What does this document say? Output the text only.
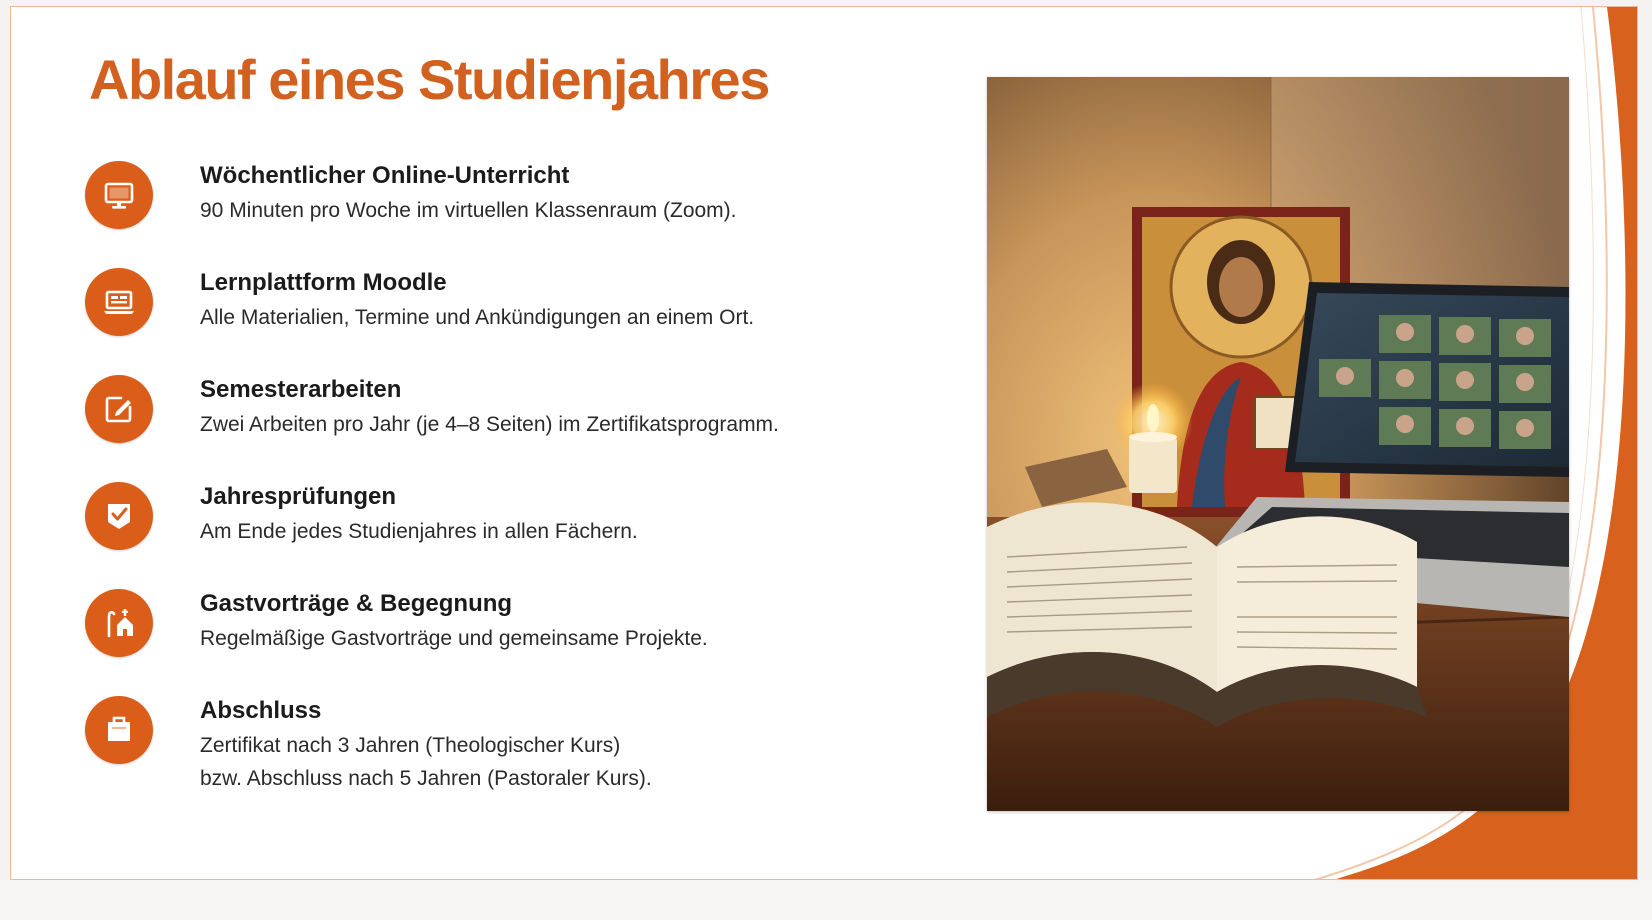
Ablauf eines Studienjahres
Wöchentlicher Online-Unterricht
90 Minuten pro Woche im virtuellen Klassenraum (Zoom).
Lernplattform Moodle
Alle Materialien, Termine und Ankündigungen an einem Ort.
Semesterarbeiten
Zwei Arbeiten pro Jahr (je 4–8 Seiten) im Zertifikatsprogramm.
Jahresprüfungen
Am Ende jedes Studienjahres in allen Fächern.
Gastvorträge & Begegnung
Regelmäßige Gastvorträge und gemeinsame Projekte.
Abschluss
Zertifikat nach 3 Jahren (Theologischer Kurs)
bzw. Abschluss nach 5 Jahren (Pastoraler Kurs).
